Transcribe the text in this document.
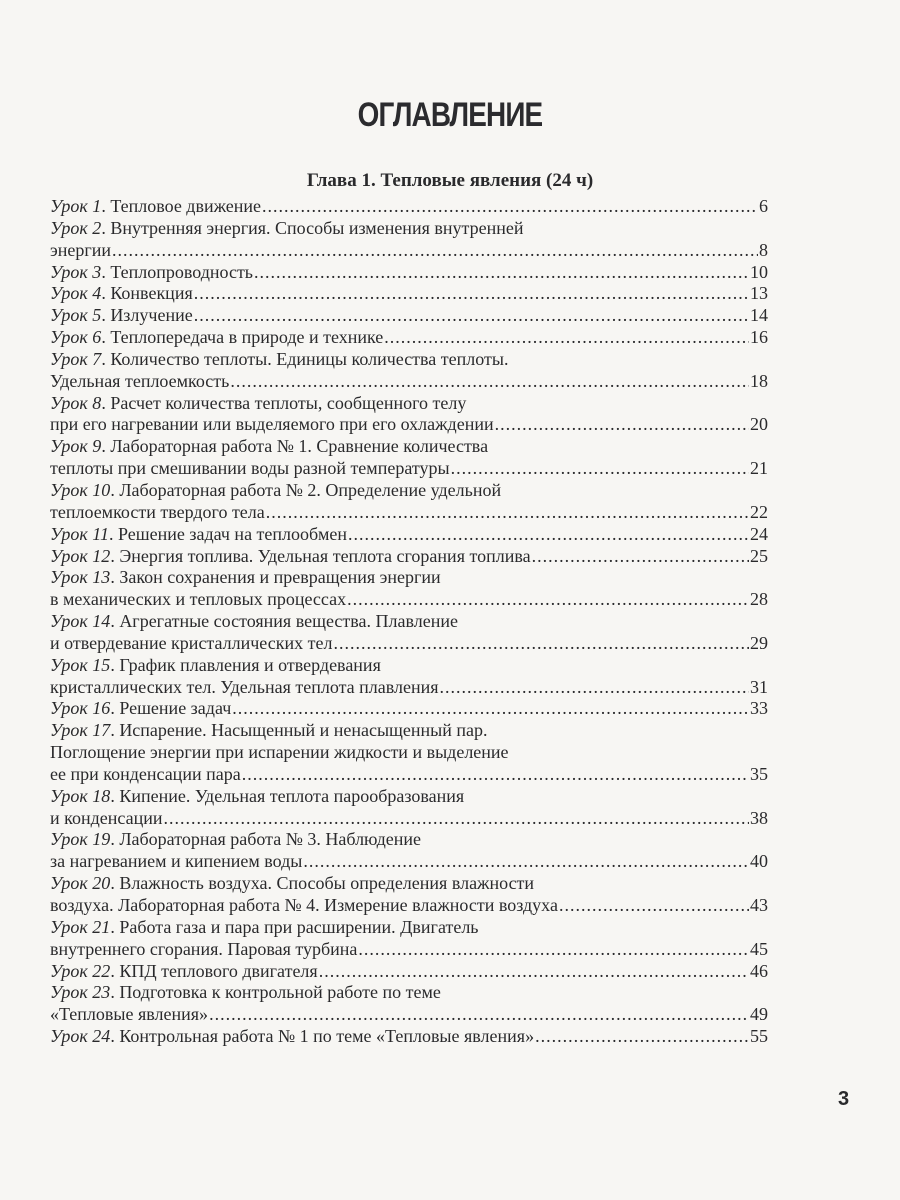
ОГЛАВЛЕНИЕ
Глава 1. Тепловые явления (24 ч)
Урок 1. Тепловое движение .....	6
Урок 2. Внутренняя энергия. Способы изменения внутренней
энергии .....	8
Урок 3. Теплопроводность .....	10
Урок 4. Конвекция .....	13
Урок 5. Излучение .....	14
Урок 6. Теплопередача в природе и технике .....	16
Урок 7. Количество теплоты. Единицы количества теплоты.
Удельная теплоемкость .....	18
Урок 8. Расчет количества теплоты, сообщенного телу
при его нагревании или выделяемого при его охлаждении .....	20
Урок 9. Лабораторная работа № 1. Сравнение количества
теплоты при смешивании воды разной температуры .....	21
Урок 10. Лабораторная работа № 2. Определение удельной
теплоемкости твердого тела .....	22
Урок 11. Решение задач на теплообмен .....	24
Урок 12. Энергия топлива. Удельная теплота сгорания топлива .....	25
Урок 13. Закон сохранения и превращения энергии
в механических и тепловых процессах .....	28
Урок 14. Агрегатные состояния вещества. Плавление
и отвердевание кристаллических тел .....	29
Урок 15. График плавления и отвердевания
кристаллических тел. Удельная теплота плавления .....	31
Урок 16. Решение задач .....	33
Урок 17. Испарение. Насыщенный и ненасыщенный пар.
Поглощение энергии при испарении жидкости и выделение
ее при конденсации пара .....	35
Урок 18. Кипение. Удельная теплота парообразования
и конденсации .....	38
Урок 19. Лабораторная работа № 3. Наблюдение
за нагреванием и кипением воды .....	40
Урок 20. Влажность воздуха. Способы определения влажности
воздуха. Лабораторная работа № 4. Измерение влажности воздуха .....	43
Урок 21. Работа газа и пара при расширении. Двигатель
внутреннего сгорания. Паровая турбина .....	45
Урок 22. КПД теплового двигателя .....	46
Урок 23. Подготовка к контрольной работе по теме
«Тепловые явления» .....	49
Урок 24. Контрольная работа № 1 по теме «Тепловые явления» .....	55
3
